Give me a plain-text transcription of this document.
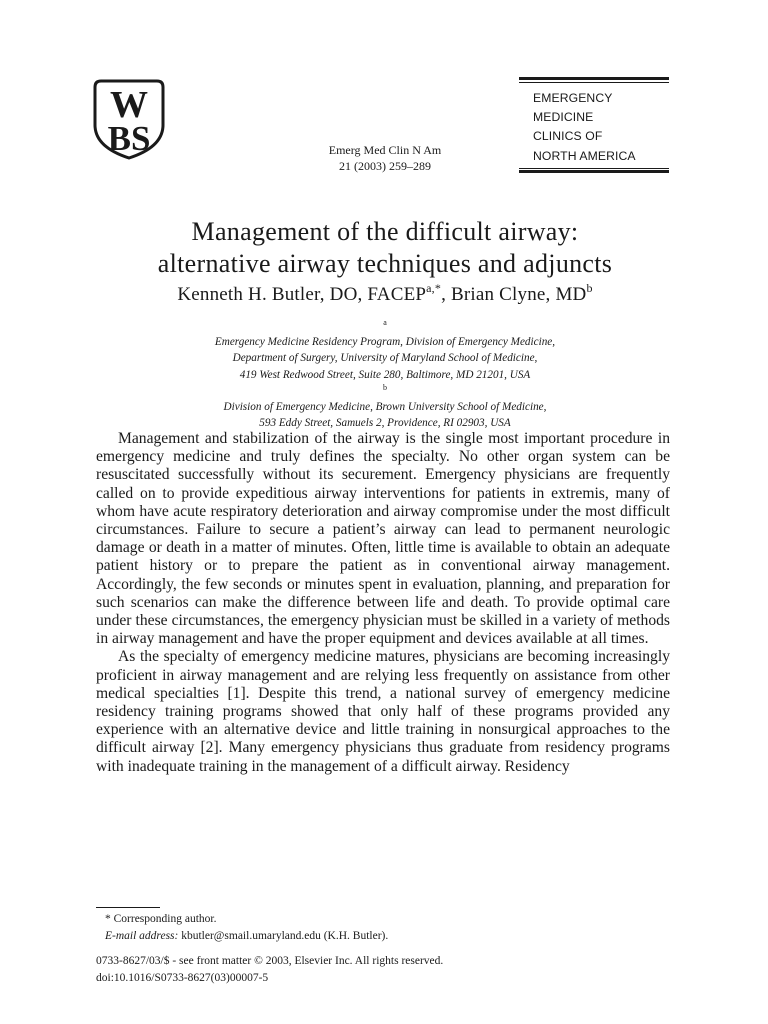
W
BS	Emerg Med Clin N Am
21 (2003) 259–289
EMERGENCY
MEDICINE
CLINICS OF
NORTH AMERICA
Management of the difficult airway:
alternative airway techniques and adjuncts
Kenneth H. Butler, DO, $FACEP^{a,*}$, Brian Clyne, $MD^b$
$^a$
Emergency Medicine Residency Program, Division of Emergency Medicine,
Department of Surgery, University of Maryland School of Medicine,
419 West Redwood Street, Suite 280, Baltimore, MD 21201, USA
$^b$
Division of Emergency Medicine, Brown University School of Medicine,
593 Eddy Street, Samuels 2, Providence, RI 02903, USA

Management and stabilization of the airway is the single most important procedure in emergency medicine and truly defines the specialty. No other organ system can be resuscitated successfully without its securement. Emergency physicians are frequently called on to provide expeditious airway interventions for patients in extremis, many of whom have acute respiratory deterioration and airway compromise under the most difficult circumstances. Failure to secure a patient’s airway can lead to permanent neurologic damage or death in a matter of minutes. Often, little time is available to obtain an adequate patient history or to prepare the patient as in conventional airway management. Accordingly, the few seconds or minutes spent in evaluation, planning, and preparation for such scenarios can make the difference between life and death. To provide optimal care under these circumstances, the emergency physician must be skilled in a variety of methods in airway management and have the proper equipment and devices available at all times.

As the specialty of emergency medicine matures, physicians are becoming increasingly proficient in airway management and are relying less frequently on assistance from other medical specialties [1]. Despite this trend, a national survey of emergency medicine residency training programs showed that only half of these programs provided any experience with an alternative device and little training in nonsurgical approaches to the difficult airway [2]. Many emergency physicians thus graduate from residency programs with inadequate training in the management of a difficult airway. Residency

* Corresponding author.
E-mail address: kbutler@smail.umaryland.edu (K.H. Butler).
0733-8627/03/$ - see front matter © 2003, Elsevier Inc. All rights reserved.
doi:10.1016/S0733-8627(03)00007-5
